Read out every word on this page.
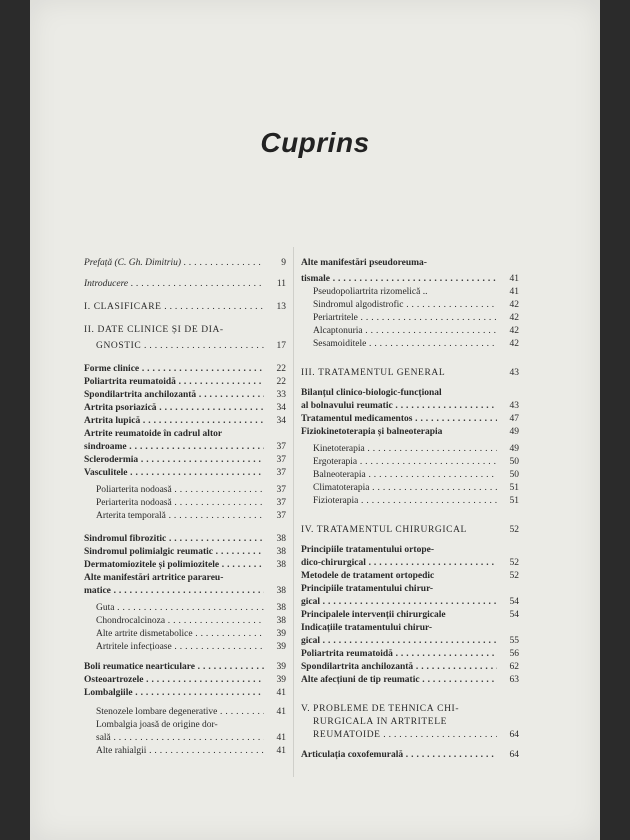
Cuprins
Prefață (C. Gh. Dimitriu) . . .	9
Introducere . . .	11
I. CLASIFICARE . . .	13
II. DATE CLINICE ȘI DE DIA-
GNOSTIC . . .	17
Forme clinice . . .	22
Poliartrita reumatoidă . . .	22
Spondilartrita anchilozantă . . .	33
Artrita psoriazică . . .	34
Artrita lupică . . .	34
Artrite reumatoide în cadrul altor
sindroame . . .	37
Sclerodermia . . .	37
Vasculitele . . .	37
Poliarterita nodoasă . . .	37
Periarterita nodoasă . . .	37
Arterita temporală . . .	37
Sindromul fibrozitic . . .	38
Sindromul polimialgic reumatic . . .	38
Dermatomiozitele și polimiozitele . . .	38
Alte manifestări artritice parareu-
matice . . .	38
Guta . . .	38
Chondrocalcinoza . . .	38
Alte artrite dismetabolice . . .	39
Artritele infecțioase . . .	39
Boli reumatice nearticulare . . .	39
Osteoartrozele . . .	39
Lombalgiile . . .	41
Stenozele lombare degenerative . . .	41
Lombalgia joasă de origine dor-
sală . . .	41
Alte rahialgii . . .	41
Alte manifestări pseudoreuma-
tismale . . .	41
Pseudopoliartrita rizomelică ..	41
Sindromul algodistrofic . . .	42
Periartritele . . .	42
Alcaptonuria . . .	42
Sesamoiditele . . .	42
III. TRATAMENTUL GENERAL	43
Bilanțul clinico-biologic-funcțional
al bolnavului reumatic . . .	43
Tratamentul medicamentos . . .	47
Fiziokinetoterapia și balneoterapia	49
Kinetoterapia . . .	49
Ergoterapia . . .	50
Balneoterapia . . .	50
Climatoterapia . . .	51
Fizioterapia . . .	51
IV. TRATAMENTUL CHIRURGICAL	52
Principiile tratamentului ortope-
dico-chirurgical . . .	52
Metodele de tratament ortopedic	52
Principiile tratamentului chirur-
gical . . .	54
Principalele intervenții chirurgicale	54
Indicațiile tratamentului chirur-
gical . . .	55
Poliartrita reumatoidă . . .	56
Spondilartrita anchilozantă . . .	62
Alte afecțiuni de tip reumatic . . .	63
V. PROBLEME DE TEHNICĂ CHI-
RURGICALĂ ÎN ARTRITELE
REUMATOIDE . . .	64
Articulația coxofemurală . . .	64
